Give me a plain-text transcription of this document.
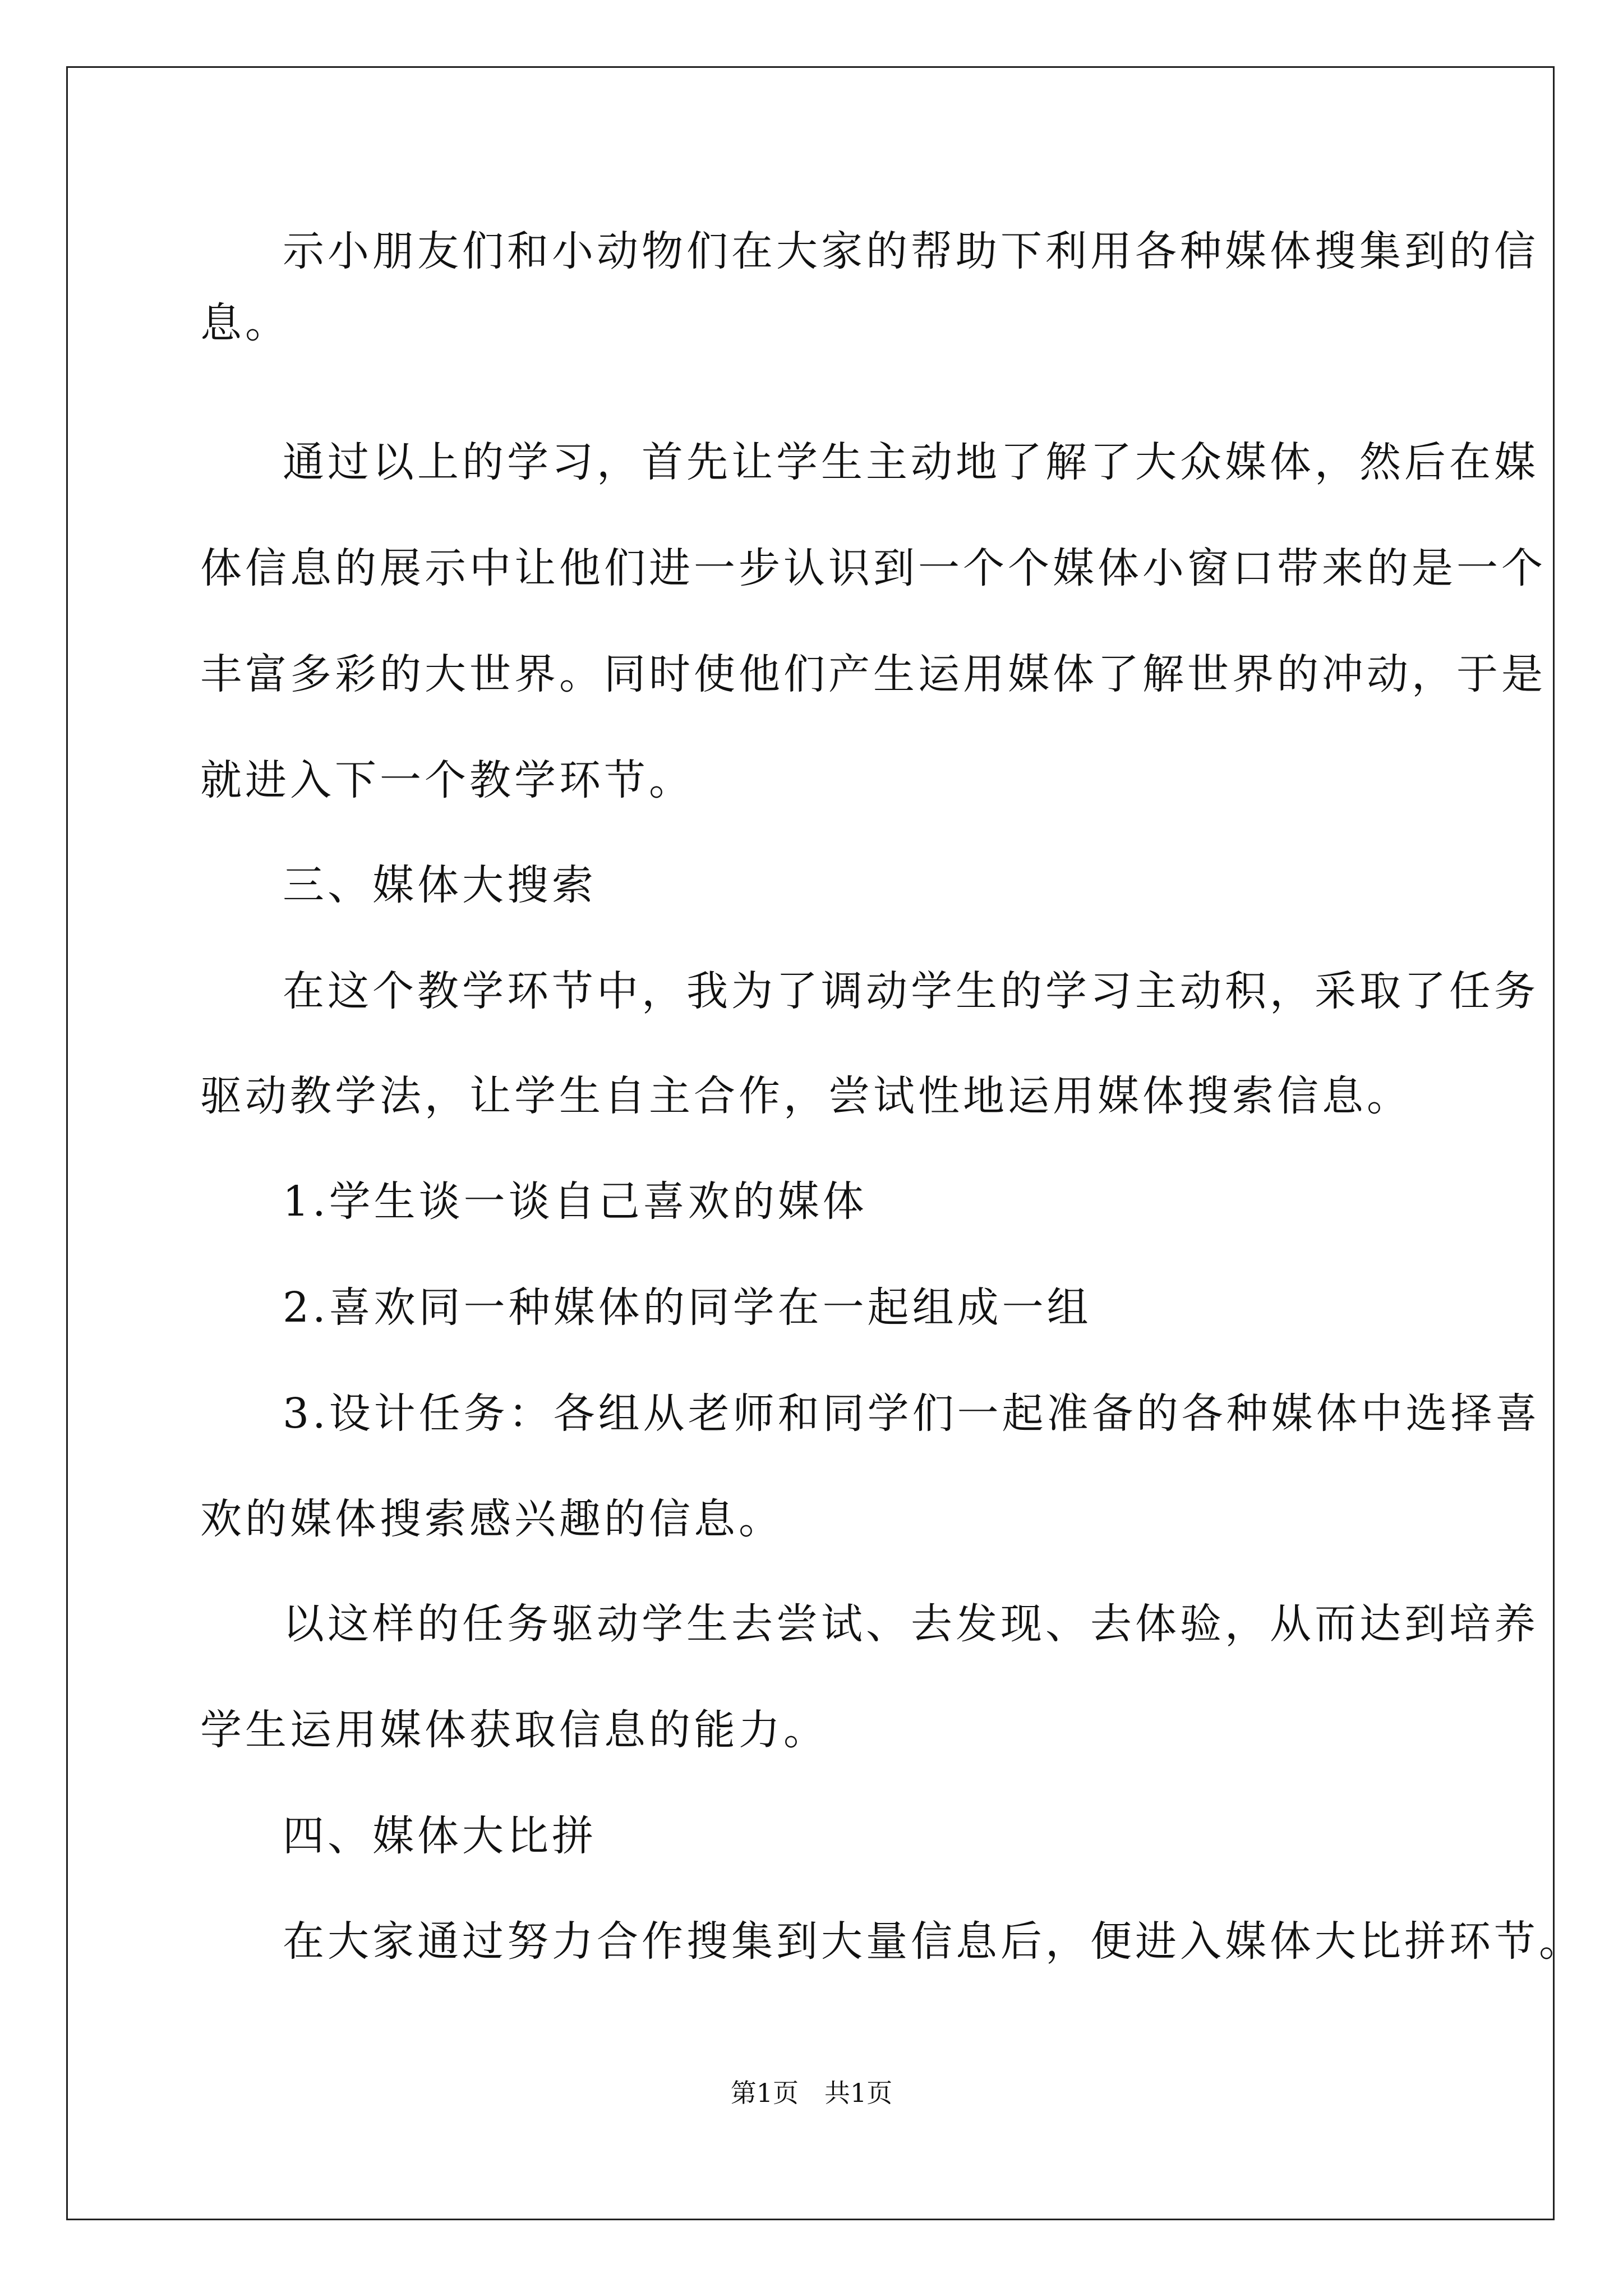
示小朋友们和小动物们在大家的帮助下利用各种媒体搜集到的信
息。
通过以上的学习，首先让学生主动地了解了大众媒体，然后在媒
体信息的展示中让他们进一步认识到一个个媒体小窗口带来的是一个
丰富多彩的大世界。同时使他们产生运用媒体了解世界的冲动，于是
就进入下一个教学环节。
三、媒体大搜索
在这个教学环节中，我为了调动学生的学习主动积，采取了任务
驱动教学法，让学生自主合作，尝试性地运用媒体搜索信息。
1.学生谈一谈自己喜欢的媒体
2.喜欢同一种媒体的同学在一起组成一组
3.设计任务：各组从老师和同学们一起准备的各种媒体中选择喜
欢的媒体搜索感兴趣的信息。
以这样的任务驱动学生去尝试、去发现、去体验，从而达到培养
学生运用媒体获取信息的能力。
四、媒体大比拼
在大家通过努力合作搜集到大量信息后，便进入媒体大比拼环节。
第1页　共1页
